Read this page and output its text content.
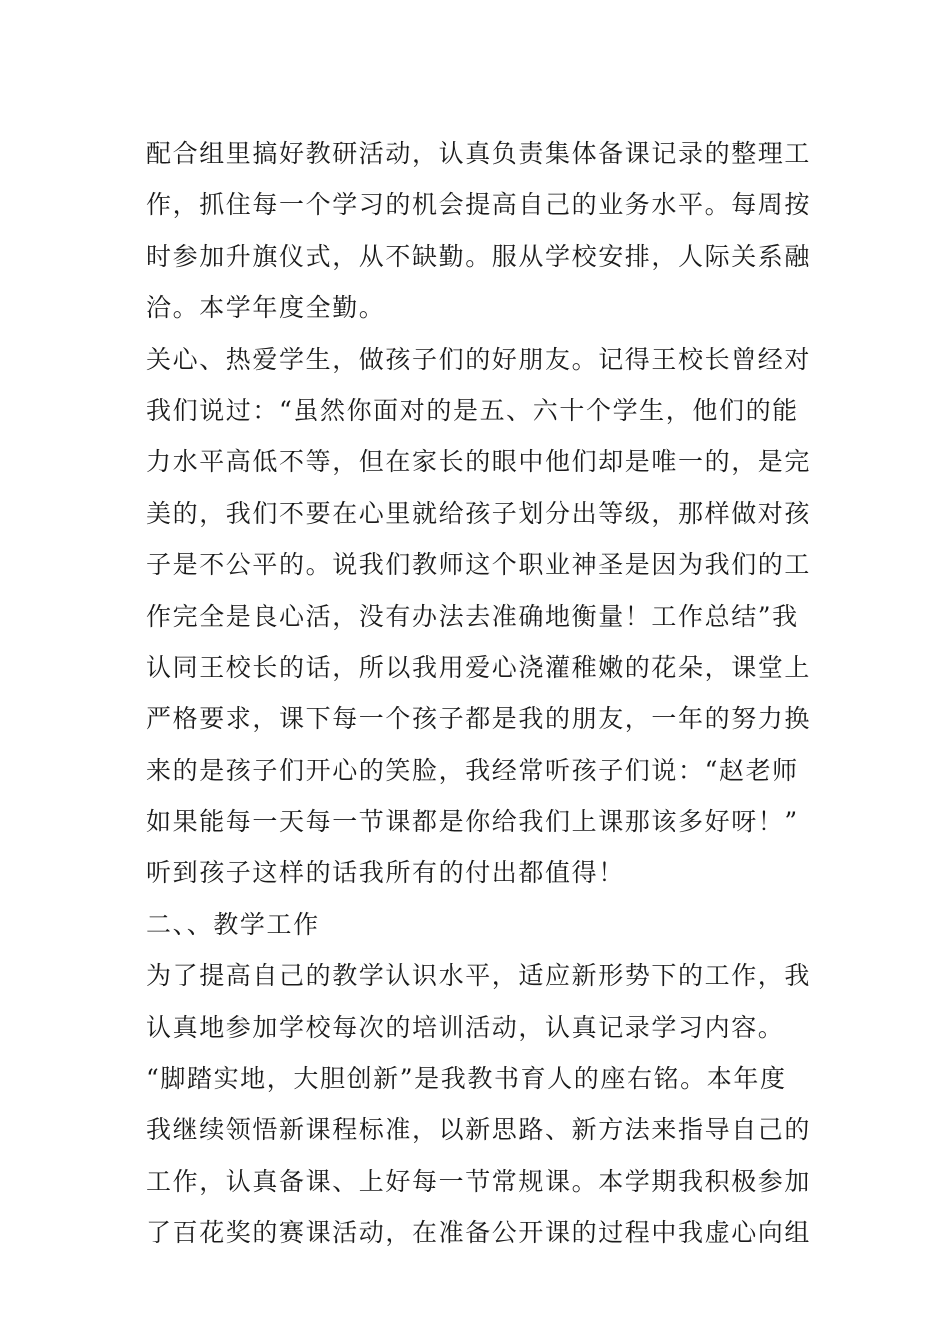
配合组里搞好教研活动，认真负责集体备课记录的整理工
作，抓住每一个学习的机会提高自己的业务水平。每周按
时参加升旗仪式，从不缺勤。服从学校安排，人际关系融
洽。本学年度全勤。
关心、热爱学生，做孩子们的好朋友。记得王校长曾经对
我们说过：“虽然你面对的是五、六十个学生，他们的能
力水平高低不等，但在家长的眼中他们却是唯一的，是完
美的，我们不要在心里就给孩子划分出等级，那样做对孩
子是不公平的。说我们教师这个职业神圣是因为我们的工
作完全是良心活，没有办法去准确地衡量！工作总结”我
认同王校长的话，所以我用爱心浇灌稚嫩的花朵，课堂上
严格要求，课下每一个孩子都是我的朋友，一年的努力换
来的是孩子们开心的笑脸，我经常听孩子们说：“赵老师
如果能每一天每一节课都是你给我们上课那该多好呀！”
听到孩子这样的话我所有的付出都值得！
二、、教学工作
为了提高自己的教学认识水平，适应新形势下的工作，我
认真地参加学校每次的培训活动，认真记录学习内容。
“脚踏实地，大胆创新”是我教书育人的座右铭。本年度
我继续领悟新课程标准，以新思路、新方法来指导自己的
工作，认真备课、上好每一节常规课。本学期我积极参加
了百花奖的赛课活动，在准备公开课的过程中我虚心向组
